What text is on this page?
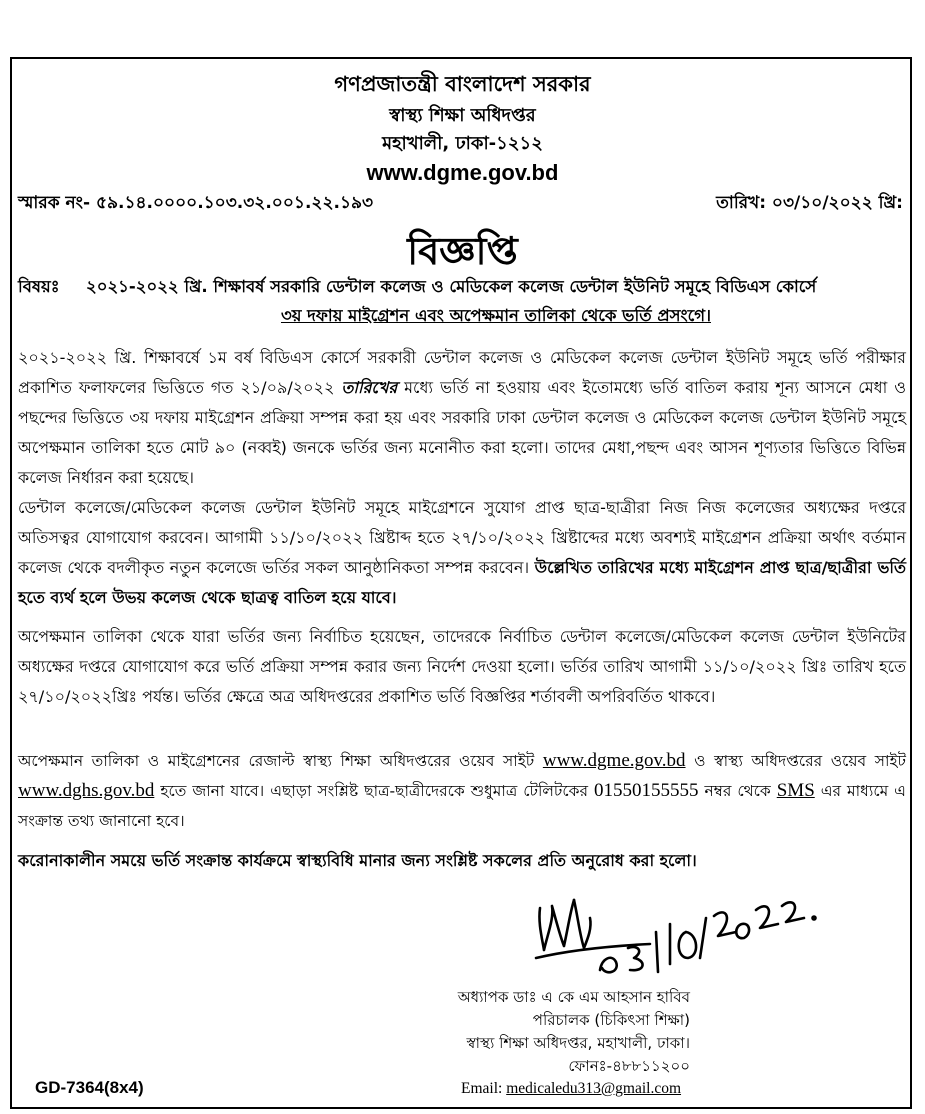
গণপ্রজাতন্ত্রী বাংলাদেশ সরকার
স্বাস্থ্য শিক্ষা অধিদপ্তর
মহাখালী, ঢাকা-১২১২
www.dgme.gov.bd
স্মারক নং- ৫৯.১৪.০০০০.১০৩.৩২.০০১.২২.১৯৩	তারিখ: ০৩/১০/২০২২ খ্রি:
বিজ্ঞপ্তি
বিষয়ঃ ২০২১-২০২২ খ্রি. শিক্ষাবর্ষ সরকারি ডেন্টাল কলেজ ও মেডিকেল কলেজ ডেন্টাল ইউনিট সমূহে বিডিএস কোর্সে
৩য় দফায় মাইগ্রেশন এবং অপেক্ষমান তালিকা থেকে ভর্তি প্রসংগে।
২০২১-২০২২ খ্রি. শিক্ষাবর্ষে ১ম বর্ষ বিডিএস কোর্সে সরকারী ডেন্টাল কলেজ ও মেডিকেল কলেজ ডেন্টাল ইউনিট সমূহে ভর্তি পরীক্ষার প্রকাশিত ফলাফলের ভিত্তিতে গত ২১/০৯/২০২২ তারিখের মধ্যে ভর্তি না হওয়ায় এবং ইতোমধ্যে ভর্তি বাতিল করায় শূন্য আসনে মেধা ও পছন্দের ভিত্তিতে ৩য় দফায় মাইগ্রেশন প্রক্রিয়া সম্পন্ন করা হয় এবং সরকারি ঢাকা ডেন্টাল কলেজ ও মেডিকেল কলেজ ডেন্টাল ইউনিট সমূহে অপেক্ষমান তালিকা হতে মোট ৯০ (নব্বই) জনকে ভর্তির জন্য মনোনীত করা হলো। তাদের মেধা,পছন্দ এবং আসন শূণ্যতার ভিত্তিতে বিভিন্ন কলেজ নির্ধারন করা হয়েছে।
ডেন্টাল কলেজে/মেডিকেল কলেজ ডেন্টাল ইউনিট সমূহে মাইগ্রেশনে সুযোগ প্রাপ্ত ছাত্র-ছাত্রীরা নিজ নিজ কলেজের অধ্যক্ষের দপ্তরে অতিসত্বর যোগাযোগ করবেন। আগামী ১১/১০/২০২২ খ্রিষ্টাব্দ হতে ২৭/১০/২০২২ খ্রিষ্টাব্দের মধ্যে অবশ্যই মাইগ্রেশন প্রক্রিয়া অর্থাৎ বর্তমান কলেজ থেকে বদলীকৃত নতুন কলেজে ভর্তির সকল আনুষ্ঠানিকতা সম্পন্ন করবেন। উল্লেখিত তারিখের মধ্যে মাইগ্রেশন প্রাপ্ত ছাত্র/ছাত্রীরা ভর্তি হতে ব্যর্থ হলে উভয় কলেজ থেকে ছাত্রত্ব বাতিল হয়ে যাবে।
অপেক্ষমান তালিকা থেকে যারা ভর্তির জন্য নির্বাচিত হয়েছেন, তাদেরকে নির্বাচিত ডেন্টাল কলেজে/মেডিকেল কলেজ ডেন্টাল ইউনিটের অধ্যক্ষের দপ্তরে যোগাযোগ করে ভর্তি প্রক্রিয়া সম্পন্ন করার জন্য নির্দেশ দেওয়া হলো। ভর্তির তারিখ আগামী ১১/১০/২০২২ খ্রিঃ তারিখ হতে ২৭/১০/২০২২খ্রিঃ পর্যন্ত। ভর্তির ক্ষেত্রে অত্র অধিদপ্তরের প্রকাশিত ভর্তি বিজ্ঞপ্তির শর্তাবলী অপরিবর্তিত থাকবে।
অপেক্ষমান তালিকা ও মাইগ্রেশনের রেজাল্ট স্বাস্থ্য শিক্ষা অধিদপ্তরের ওয়েব সাইট www.dgme.gov.bd ও স্বাস্থ্য অধিদপ্তরের ওয়েব সাইট www.dghs.gov.bd হতে জানা যাবে। এছাড়া সংশ্লিষ্ট ছাত্র-ছাত্রীদেরকে শুধুমাত্র টেলিটকের 01550155555 নম্বর থেকে SMS এর মাধ্যমে এ সংক্রান্ত তথ্য জানানো হবে।
করোনাকালীন সময়ে ভর্তি সংক্রান্ত কার্যক্রমে স্বাস্থ্যবিধি মানার জন্য সংশ্লিষ্ট সকলের প্রতি অনুরোধ করা হলো।
অধ্যাপক ডাঃ এ কে এম আহসান হাবিব
পরিচালক (চিকিৎসা শিক্ষা)
স্বাস্থ্য শিক্ষা অধিদপ্তর, মহাখালী, ঢাকা।
ফোনঃ-৪৮৮১১২০০
Email: medicaledu313@gmail.com
GD-7364(8x4)
